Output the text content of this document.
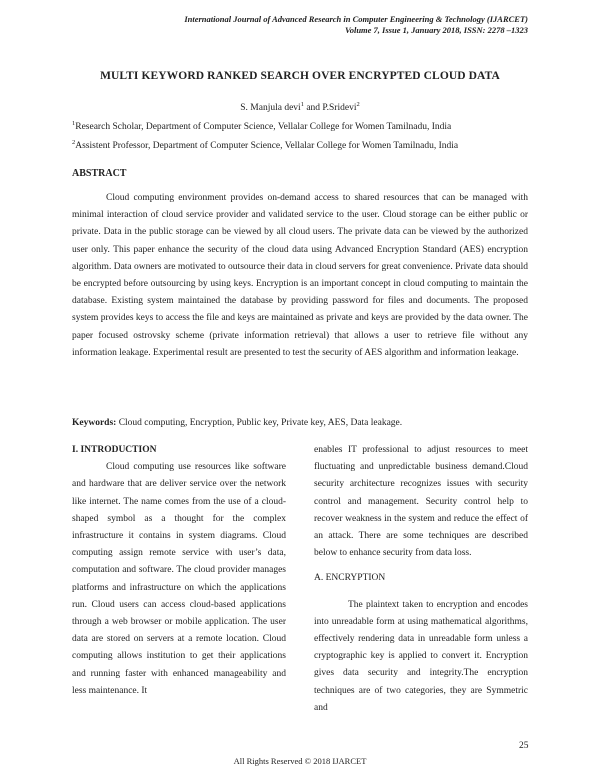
International Journal of Advanced Research in Computer Engineering & Technology (IJARCET)
Volume 7, Issue 1, January 2018, ISSN: 2278 –1323
MULTI KEYWORD RANKED SEARCH OVER ENCRYPTED CLOUD DATA
S. Manjula devi$^1$ and P.Sridevi$^2$
$^1$Research Scholar, Department of Computer Science, Vellalar College for Women Tamilnadu, India
$^2$Assistent Professor, Department of Computer Science, Vellalar College for Women Tamilnadu, India
ABSTRACT

Cloud computing environment provides on-demand access to shared resources that can be managed with minimal interaction of cloud service provider and validated service to the user. Cloud storage can be either public or private. Data in the public storage can be viewed by all cloud users. The private data can be viewed by the authorized user only. This paper enhance the security of the cloud data using Advanced Encryption Standard (AES) encryption algorithm. Data owners are motivated to outsource their data in cloud servers for great convenience. Private data should be encrypted before outsourcing by using keys. Encryption is an important concept in cloud computing to maintain the database. Existing system maintained the database by providing password for files and documents. The proposed system provides keys to access the file and keys are maintained as private and keys are provided by the data owner. The paper focused ostrovsky scheme (private information retrieval) that allows a user to retrieve file without any information leakage. Experimental result are presented to test the security of AES algorithm and information leakage.

Keywords: Cloud computing, Encryption, Public key, Private key, AES, Data leakage.
I. INTRODUCTION

Cloud computing use resources like software and hardware that are deliver service over the network like internet. The name comes from the use of a cloud-shaped symbol as a thought for the complex infrastructure it contains in system diagrams. Cloud computing assign remote service with user’s data, computation and software. The cloud provider manages platforms and infrastructure on which the applications run. Cloud users can access cloud-based applications through a web browser or mobile application. The user data are stored on servers at a remote location. Cloud computing allows institution to get their applications and running faster with enhanced manageability and less maintenance. It

enables IT professional to adjust resources to meet fluctuating and unpredictable business demand.Cloud security architecture recognizes issues with security control and management. Security control help to recover weakness in the system and reduce the effect of an attack. There are some techniques are described below to enhance security from data loss.

A. ENCRYPTION

The plaintext taken to encryption and encodes into unreadable form at using mathematical algorithms, effectively rendering data in unreadable form unless a cryptographic key is applied to convert it. Encryption gives data security and integrity.The encryption techniques are of two categories, they are Symmetric and

25
All Rights Reserved © 2018 IJARCET
